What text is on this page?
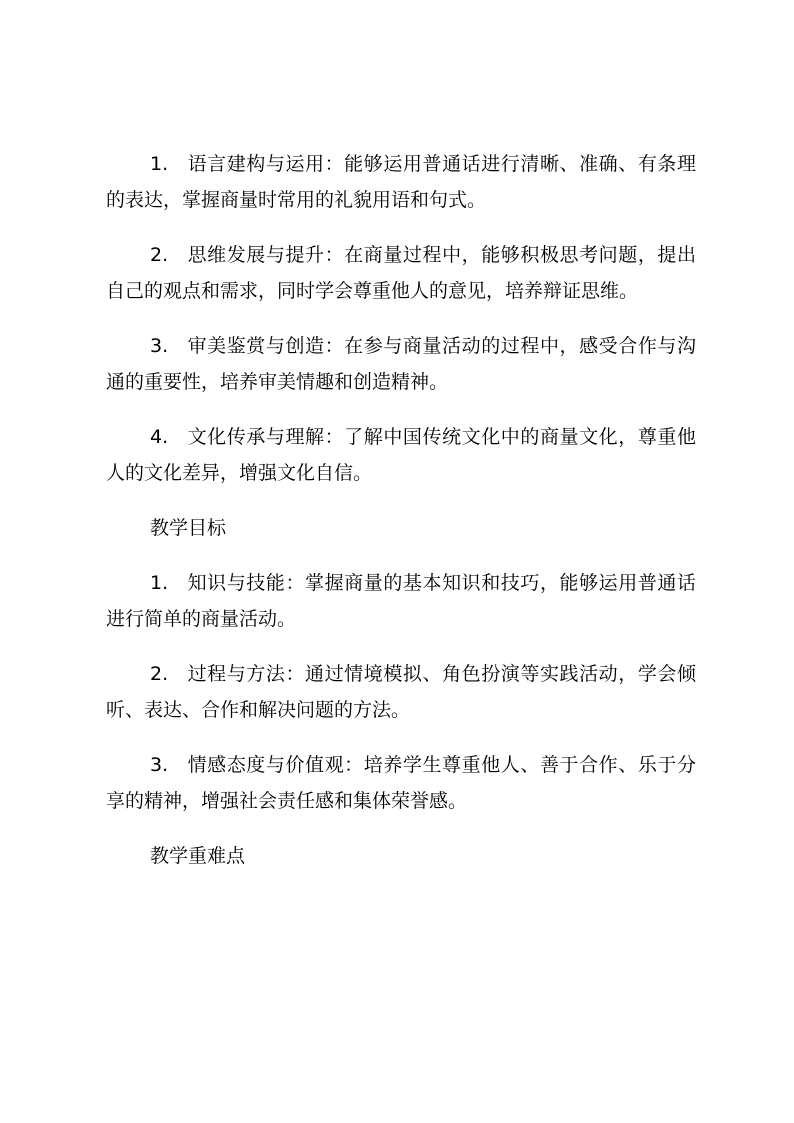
1. 语言建构与运用：能够运用普通话进行清晰、准确、有条理的表达，掌握商量时常用的礼貌用语和句式。

2. 思维发展与提升：在商量过程中，能够积极思考问题，提出自己的观点和需求，同时学会尊重他人的意见，培养辩证思维。

3. 审美鉴赏与创造：在参与商量活动的过程中，感受合作与沟通的重要性，培养审美情趣和创造精神。

4. 文化传承与理解：了解中国传统文化中的商量文化，尊重他人的文化差异，增强文化自信。

教学目标

1. 知识与技能：掌握商量的基本知识和技巧，能够运用普通话进行简单的商量活动。

2. 过程与方法：通过情境模拟、角色扮演等实践活动，学会倾听、表达、合作和解决问题的方法。

3. 情感态度与价值观：培养学生尊重他人、善于合作、乐于分享的精神，增强社会责任感和集体荣誉感。

教学重难点
